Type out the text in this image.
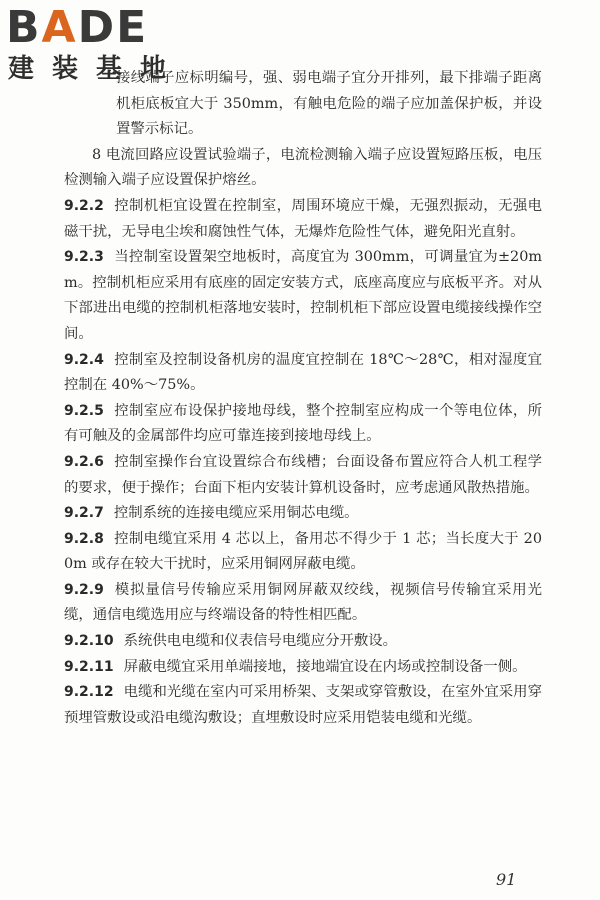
BADE
建装基地

接线端子应标明编号，强、弱电端子宜分开排列，最下排端子距离机柜底板宜大于 350mm，有触电危险的端子应加盖保护板，并设置警示标记。

8 电流回路应设置试验端子，电流检测输入端子应设置短路压板，电压检测输入端子应设置保护熔丝。

9.2.2 控制机柜宜设置在控制室，周围环境应干燥，无强烈振动，无强电磁干扰，无导电尘埃和腐蚀性气体，无爆炸危险性气体，避免阳光直射。

9.2.3 当控制室设置架空地板时，高度宜为 300mm，可调量宜为±20mm。控制机柜应采用有底座的固定安装方式，底座高度应与底板平齐。对从下部进出电缆的控制机柜落地安装时，控制机柜下部应设置电缆接线操作空间。

9.2.4 控制室及控制设备机房的温度宜控制在 18℃～28℃，相对湿度宜控制在 40%～75%。

9.2.5 控制室应布设保护接地母线，整个控制室应构成一个等电位体，所有可触及的金属部件均应可靠连接到接地母线上。

9.2.6 控制室操作台宜设置综合布线槽；台面设备布置应符合人机工程学的要求，便于操作；台面下柜内安装计算机设备时，应考虑通风散热措施。

9.2.7 控制系统的连接电缆应采用铜芯电缆。

9.2.8 控制电缆宜采用 4 芯以上，备用芯不得少于 1 芯；当长度大于 200m 或存在较大干扰时，应采用铜网屏蔽电缆。

9.2.9 模拟量信号传输应采用铜网屏蔽双绞线，视频信号传输宜采用光缆，通信电缆选用应与终端设备的特性相匹配。

9.2.10 系统供电电缆和仪表信号电缆应分开敷设。

9.2.11 屏蔽电缆宜采用单端接地，接地端宜设在内场或控制设备一侧。

9.2.12 电缆和光缆在室内可采用桥架、支架或穿管敷设，在室外宜采用穿预埋管敷设或沿电缆沟敷设；直埋敷设时应采用铠装电缆和光缆。

91
